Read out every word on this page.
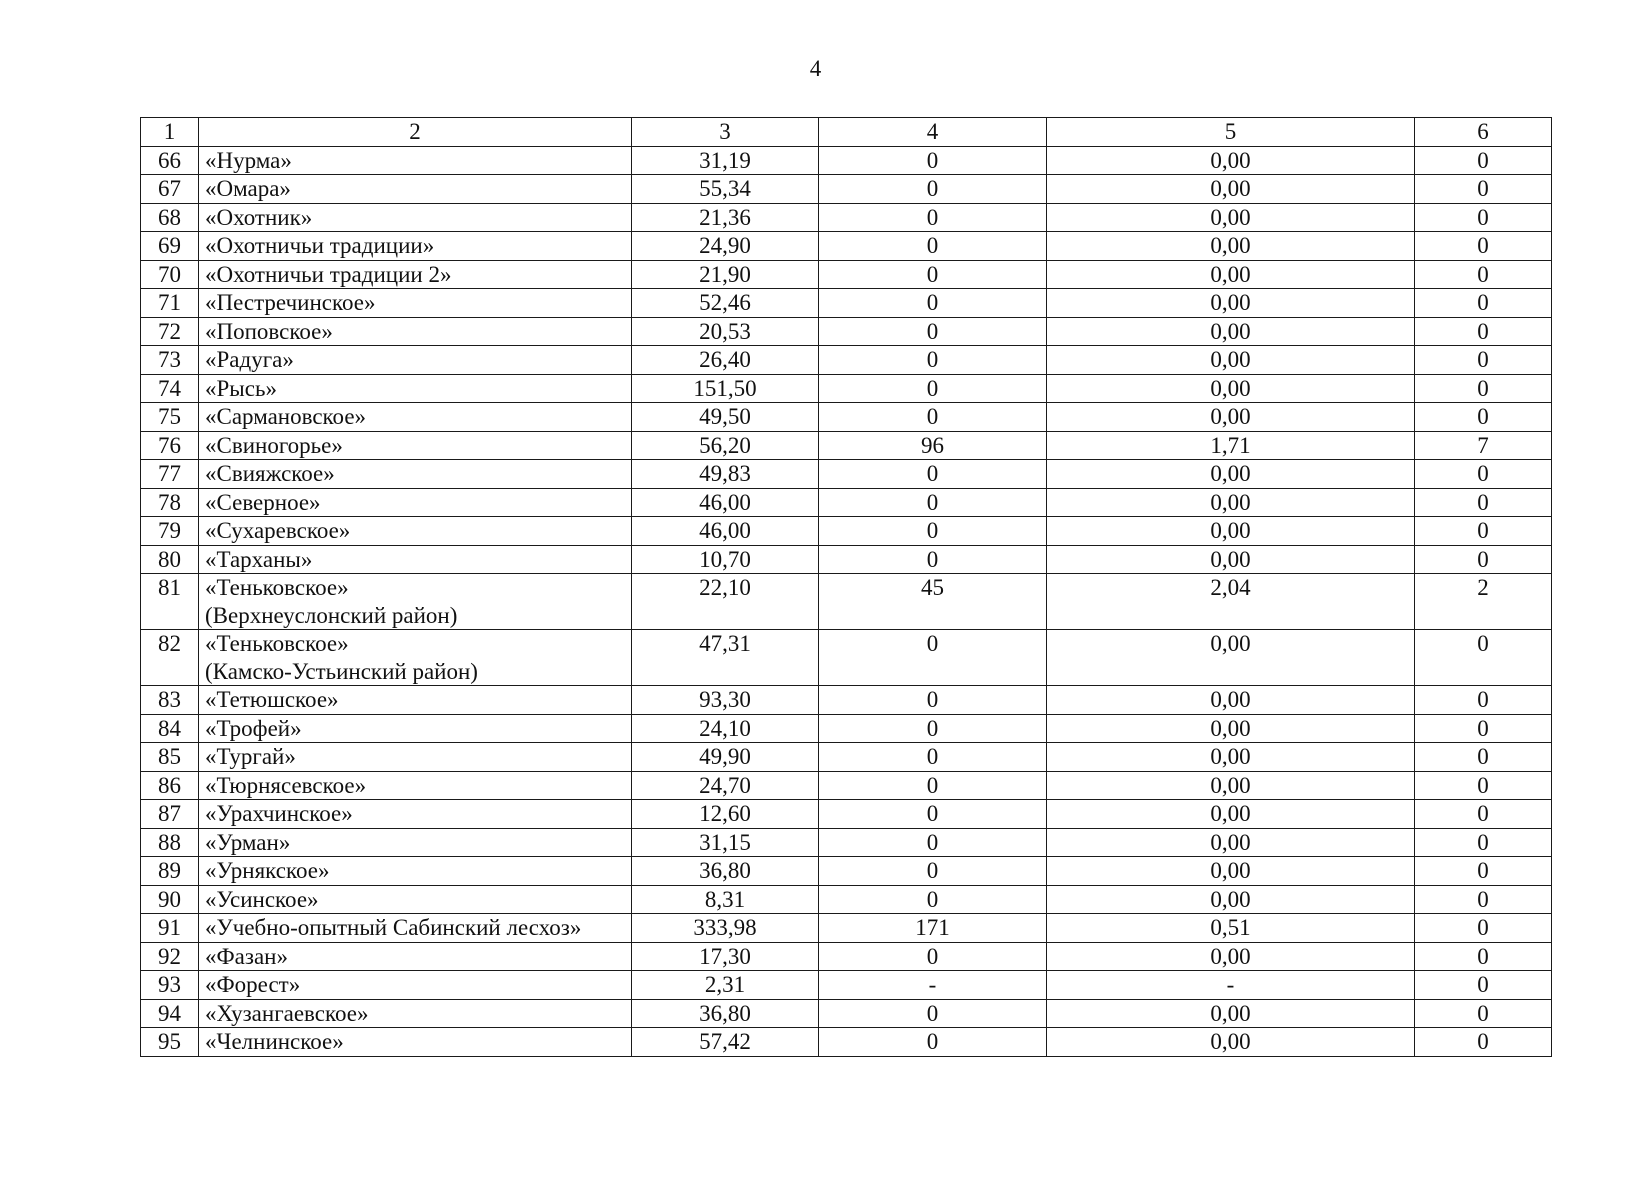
4
1	2	3	4	5	6
66	«Нурма»	31,19	0	0,00	0
67	«Омара»	55,34	0	0,00	0
68	«Охотник»	21,36	0	0,00	0
69	«Охотничьи традиции»	24,90	0	0,00	0
70	«Охотничьи традиции 2»	21,90	0	0,00	0
71	«Пестречинское»	52,46	0	0,00	0
72	«Поповское»	20,53	0	0,00	0
73	«Радуга»	26,40	0	0,00	0
74	«Рысь»	151,50	0	0,00	0
75	«Сармановское»	49,50	0	0,00	0
76	«Свиногорье»	56,20	96	1,71	7
77	«Свияжское»	49,83	0	0,00	0
78	«Северное»	46,00	0	0,00	0
79	«Сухаревское»	46,00	0	0,00	0
80	«Тарханы»	10,70	0	0,00	0
81	«Теньковское»
(Верхнеуслонский район)	22,10	45	2,04	2
82	«Теньковское»
(Камско-Устьинский район)	47,31	0	0,00	0
83	«Тетюшское»	93,30	0	0,00	0
84	«Трофей»	24,10	0	0,00	0
85	«Тургай»	49,90	0	0,00	0
86	«Тюрнясевское»	24,70	0	0,00	0
87	«Урахчинское»	12,60	0	0,00	0
88	«Урман»	31,15	0	0,00	0
89	«Урнякское»	36,80	0	0,00	0
90	«Усинское»	8,31	0	0,00	0
91	«Учебно-опытный Сабинский лесхоз»	333,98	171	0,51	0
92	«Фазан»	17,30	0	0,00	0
93	«Форест»	2,31	-	-	0
94	«Хузангаевское»	36,80	0	0,00	0
95	«Челнинское»	57,42	0	0,00	0
